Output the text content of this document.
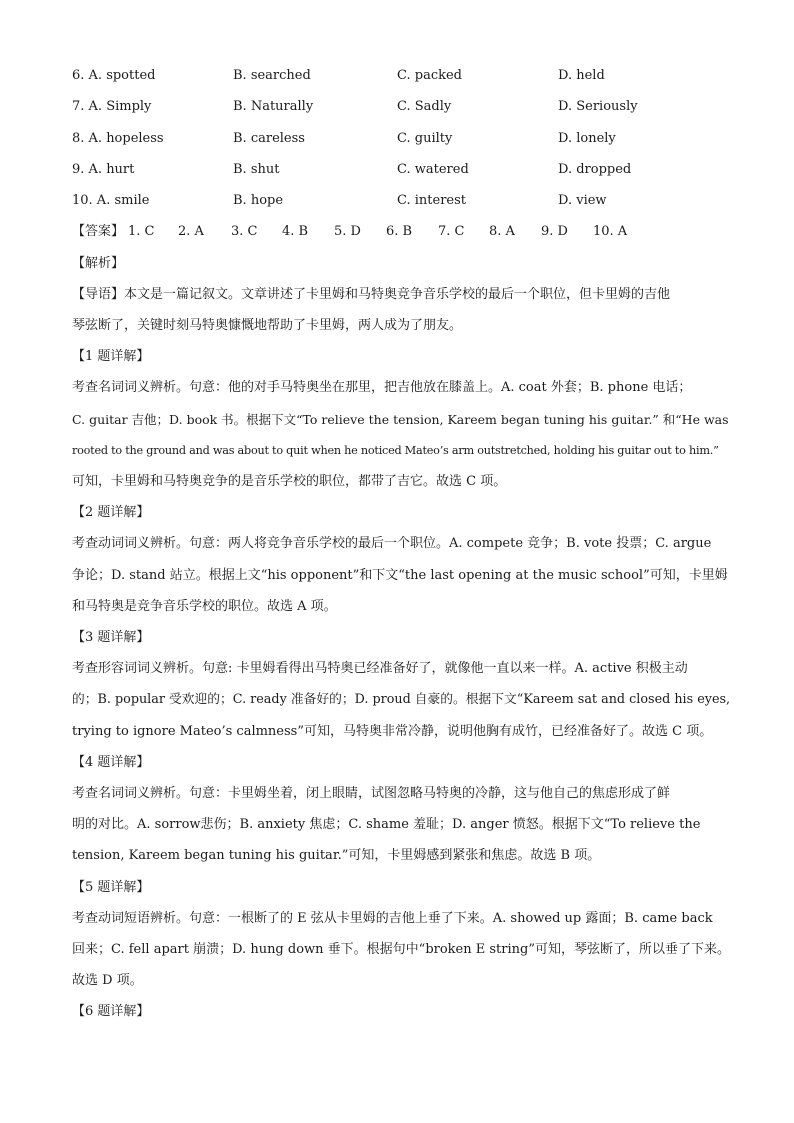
6. A. spotted	B. searched	C. packed	D. held
7. A. Simply	B. Naturally	C. Sadly	D. Seriously
8. A. hopeless	B. careless	C. guilty	D. lonely
9. A. hurt	B. shut	C. watered	D. dropped
10. A. smile	B. hope	C. interest	D. view
【答案】 1. C 2. A 3. C 4. B 5. D 6. B 7. C 8. A 9. D 10. A
【解析】
【导语】本文是一篇记叙文。文章讲述了卡里姆和马特奥竞争音乐学校的最后一个职位，但卡里姆的吉他
琴弦断了，关键时刻马特奥慷慨地帮助了卡里姆，两人成为了朋友。
【1 题详解】
考查名词词义辨析。句意：他的对手马特奥坐在那里，把吉他放在膝盖上。A. coat 外套；B. phone 电话；
C. guitar 吉他；D. book 书。根据下文“To relieve the tension, Kareem began tuning his guitar.” 和“He was
rooted to the ground and was about to quit when he noticed Mateo’s arm outstretched, holding his guitar out to him.”
可知，卡里姆和马特奥竞争的是音乐学校的职位，都带了吉它。故选 C 项。
【2 题详解】
考查动词词义辨析。句意：两人将竞争音乐学校的最后一个职位。A. compete 竞争；B. vote 投票；C. argue
争论；D. stand 站立。根据上文“his opponent”和下文“the last opening at the music school”可知，卡里姆
和马特奥是竞争音乐学校的职位。故选 A 项。
【3 题详解】
考查形容词词义辨析。句意: 卡里姆看得出马特奥已经准备好了，就像他一直以来一样。A. active 积极主动
的；B. popular 受欢迎的；C. ready 准备好的；D. proud 自豪的。根据下文“Kareem sat and closed his eyes,
trying to ignore Mateo’s calmness”可知，马特奥非常冷静，说明他胸有成竹，已经准备好了。故选 C 项。
【4 题详解】
考查名词词义辨析。句意：卡里姆坐着，闭上眼睛，试图忽略马特奥的冷静，这与他自己的焦虑形成了鲜
明的对比。A. sorrow悲伤；B. anxiety 焦虑；C. shame 羞耻；D. anger 愤怒。根据下文“To relieve the
tension, Kareem began tuning his guitar.”可知，卡里姆感到紧张和焦虑。故选 B 项。
【5 题详解】
考查动词短语辨析。句意：一根断了的 E 弦从卡里姆的吉他上垂了下来。A. showed up 露面；B. came back
回来；C. fell apart 崩溃；D. hung down 垂下。根据句中“broken E string”可知，琴弦断了，所以垂了下来。
故选 D 项。
【6 题详解】
